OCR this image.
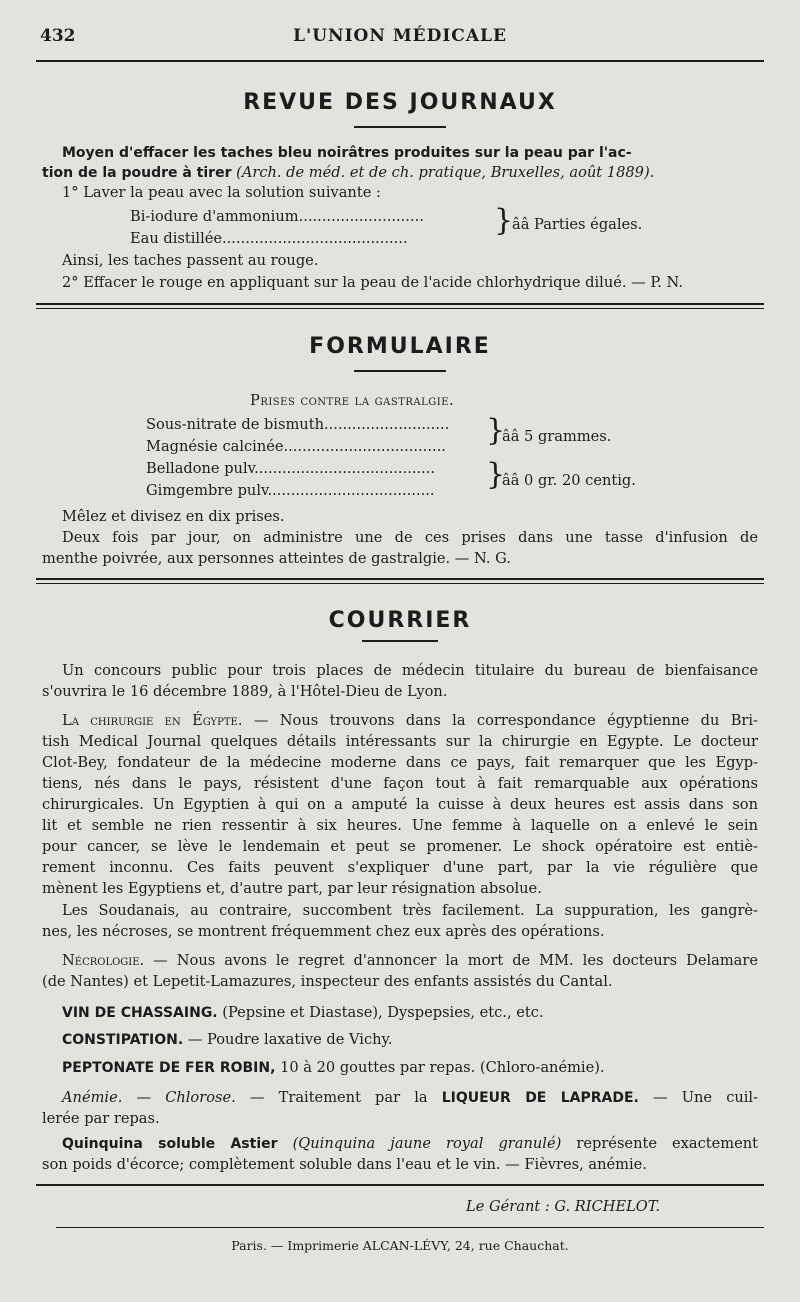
432	L'UNION MÉDICALE
REVUE DES JOURNAUX
Moyen d'effacer les taches bleu noirâtres produites sur la peau par l'ac-
tion de la poudre à tirer (Arch. de méd. et de ch. pratique, Bruxelles, août 1889).
1° Laver la peau avec la solution suivante :
Bi-iodure d'ammonium...........................
Eau distillée........................................
}
ââ Parties égales.
Ainsi, les taches passent au rouge.
2° Effacer le rouge en appliquant sur la peau de l'acide chlorhydrique dilué. — P. N.
FORMULAIRE
Prises contre la gastralgie.
Sous-nitrate de bismuth...........................
Magnésie calcinée................................... }
ââ 5 grammes.
Belladone pulv.......................................
Gimgembre pulv.................................... }
ââ 0 gr. 20 centig.
Mêlez et divisez en dix prises.
Deux fois par jour, on administre une de ces prises dans une tasse d'infusion de
menthe poivrée, aux personnes atteintes de gastralgie. — N. G.
COURRIER
Un concours public pour trois places de médecin titulaire du bureau de bienfaisance
s'ouvrira le 16 décembre 1889, à l'Hôtel-Dieu de Lyon.
La chirurgie en Égypte. — Nous trouvons dans la correspondance égyptienne du Bri-
tish Medical Journal quelques détails intéressants sur la chirurgie en Egypte. Le docteur
Clot-Bey, fondateur de la médecine moderne dans ce pays, fait remarquer que les Egyp-
tiens, nés dans le pays, résistent d'une façon tout à fait remarquable aux opérations
chirurgicales. Un Egyptien à qui on a amputé la cuisse à deux heures est assis dans son
lit et semble ne rien ressentir à six heures. Une femme à laquelle on a enlevé le sein
pour cancer, se lève le lendemain et peut se promener. Le shock opératoire est entiè-
rement inconnu. Ces faits peuvent s'expliquer d'une part, par la vie régulière que
mènent les Egyptiens et, d'autre part, par leur résignation absolue.
Les Soudanais, au contraire, succombent très facilement. La suppuration, les gangrè-
nes, les nécroses, se montrent fréquemment chez eux après des opérations.
Nécrologie. — Nous avons le regret d'annoncer la mort de MM. les docteurs Delamare
(de Nantes) et Lepetit-Lamazures, inspecteur des enfants assistés du Cantal.
VIN DE CHASSAING. (Pepsine et Diastase), Dyspepsies, etc., etc.
CONSTIPATION. — Poudre laxative de Vichy.
PEPTONATE DE FER ROBIN, 10 à 20 gouttes par repas. (Chloro-anémie).
Anémie. — Chlorose. — Traitement par la LIQUEUR DE LAPRADE. — Une cuil-
lerée par repas.
Quinquina soluble Astier (Quinquina jaune royal granulé) représente exactement
son poids d'écorce; complètement soluble dans l'eau et le vin. — Fièvres, anémie.
Le Gérant : G. RICHELOT.
Paris. — Imprimerie ALCAN-LÉVY, 24, rue Chauchat.
